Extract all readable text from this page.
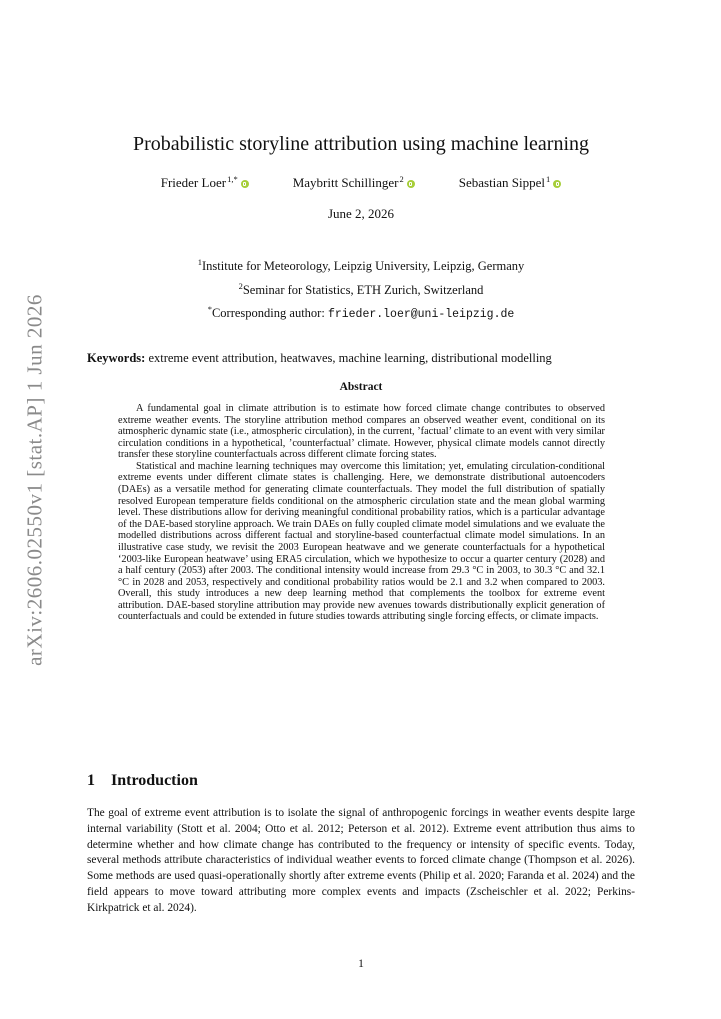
arXiv:2606.02550v1 [stat.AP] 1 Jun 2026
Probabilistic storyline attribution using machine learning
Frieder Loer$^{1,*}$	Maybritt Schillinger$^2$	Sebastian Sippel$^1$
June 2, 2026
$^1$Institute for Meteorology, Leipzig University, Leipzig, Germany
$^2$Seminar for Statistics, ETH Zurich, Switzerland
*Corresponding author: frieder.loer@uni-leipzig.de
Keywords: extreme event attribution, heatwaves, machine learning, distributional modelling
Abstract

A fundamental goal in climate attribution is to estimate how forced climate change contributes to observed extreme weather events. The storyline attribution method compares an observed weather event, conditional on its atmospheric dynamic state (i.e., atmospheric circulation), in the current, ’factual’ climate to an event with very similar circulation conditions in a hypothetical, ’counterfactual’ climate. However, physical climate models cannot directly transfer these storyline counterfactuals across different climate forcing states.

Statistical and machine learning techniques may overcome this limitation; yet, emulating circulation-conditional extreme events under different climate states is challenging. Here, we demonstrate distributional autoencoders (DAEs) as a versatile method for generating climate counterfactuals. They model the full distribution of spatially resolved European temperature fields conditional on the atmospheric circulation state and the mean global warming level. These distributions allow for deriving meaningful conditional probability ratios, which is a particular advantage of the DAE-based storyline approach. We train DAEs on fully coupled climate model simulations and we evaluate the modelled distributions across different factual and storyline-based counterfactual climate model simulations. In an illustrative case study, we revisit the 2003 European heatwave and we generate counterfactuals for a hypothetical ‘2003-like European heatwave’ using ERA5 circulation, which we hypothesize to occur a quarter century (2028) and a half century (2053) after 2003. The conditional intensity would increase from 29.3 °C in 2003, to 30.3 °C and 32.1 °C in 2028 and 2053, respectively and conditional probability ratios would be 2.1 and 3.2 when compared to 2003. Overall, this study introduces a new deep learning method that complements the toolbox for extreme event attribution. DAE-based storyline attribution may provide new avenues towards distributionally explicit generation of counterfactuals and could be extended in future studies towards attributing single forcing effects, or climate impacts.

1 Introduction

The goal of extreme event attribution is to isolate the signal of anthropogenic forcings in weather events despite large internal variability (Stott et al. 2004; Otto et al. 2012; Peterson et al. 2012). Extreme event attribution thus aims to determine whether and how climate change has contributed to the frequency or intensity of specific events. Today, several methods attribute characteristics of individual weather events to forced climate change (Thompson et al. 2026). Some methods are used quasi-operationally shortly after extreme events (Philip et al. 2020; Faranda et al. 2024) and the field appears to move toward attributing more complex events and impacts (Zscheischler et al. 2022; Perkins-Kirkpatrick et al. 2024).

1
